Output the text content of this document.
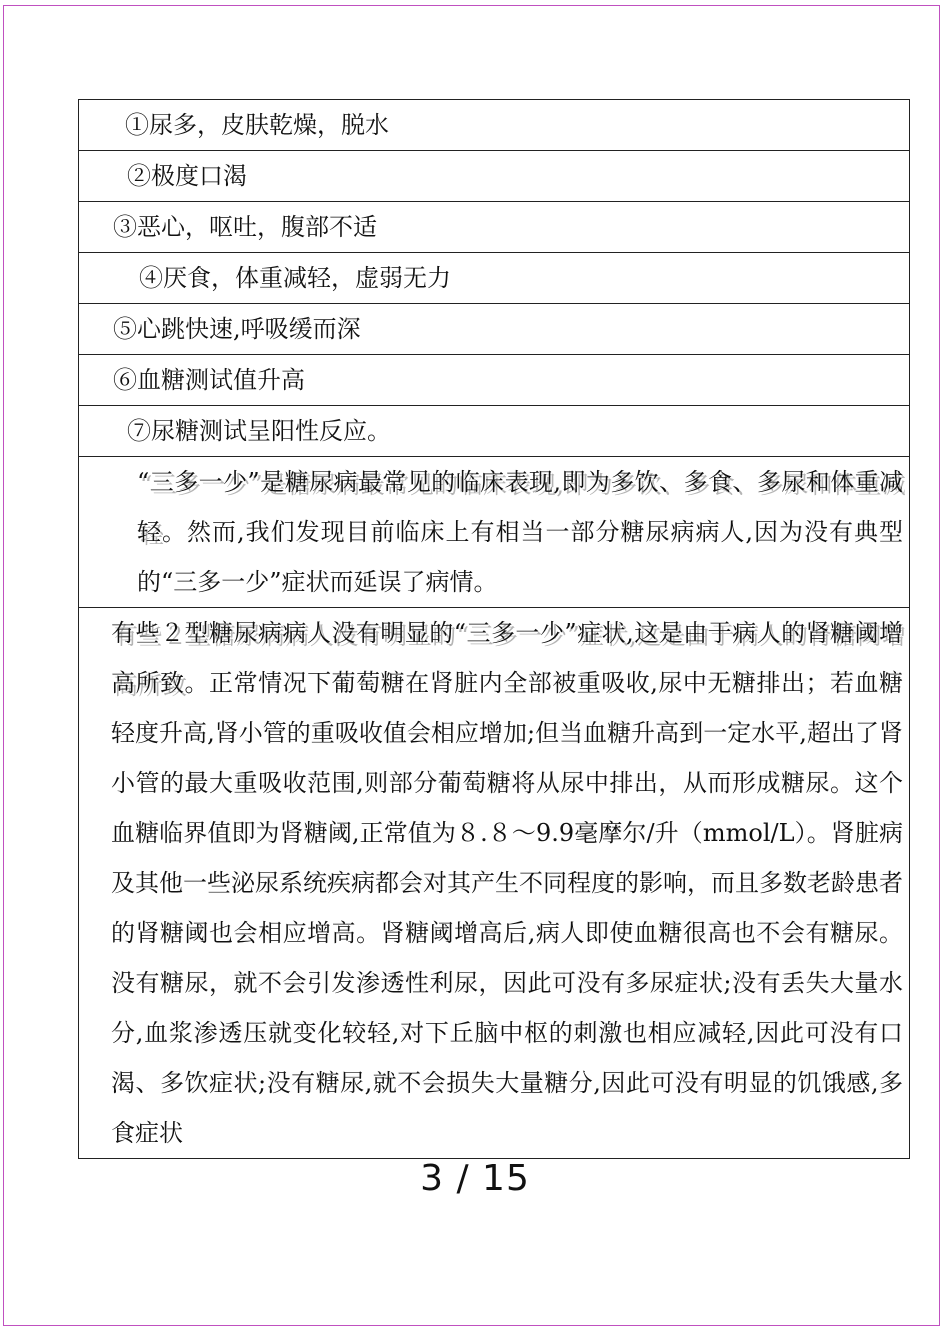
①尿多，皮肤乾燥，脱水

②极度口渴

③恶心，呕吐，腹部不适

④厌食，体重减轻，虚弱无力

⑤心跳快速,呼吸缓而深

⑥血糖测试值升高

⑦尿糖测试呈阳性反应。

“三多一少”是糖尿病最常见的临床表现,即为多饮、多食、多尿和体重减轻。然而,我们发现目前临床上有相当一部分糖尿病病人,因为没有典型的“三多一少”症状而延误了病情。

有些２型糖尿病病人没有明显的“三多一少”症状,这是由于病人的肾糖阈增高所致。正常情况下葡萄糖在肾脏内全部被重吸收,尿中无糖排出；若血糖轻度升高,肾小管的重吸收值会相应增加;但当血糖升高到一定水平,超出了肾小管的最大重吸收范围,则部分葡萄糖将从尿中排出，从而形成糖尿。这个血糖临界值即为肾糖阈,正常值为８.８～9.9毫摩尔/升（mmol/L）。肾脏病及其他一些泌尿系统疾病都会对其产生不同程度的影响，而且多数老龄患者的肾糖阈也会相应增高。肾糖阈增高后,病人即使血糖很高也不会有糖尿。没有糖尿，就不会引发渗透性利尿，因此可没有多尿症状;没有丢失大量水分,血浆渗透压就变化较轻,对下丘脑中枢的刺激也相应减轻,因此可没有口渴、多饮症状;没有糖尿,就不会损失大量糖分,因此可没有明显的饥饿感,多食症状

3 / 15
